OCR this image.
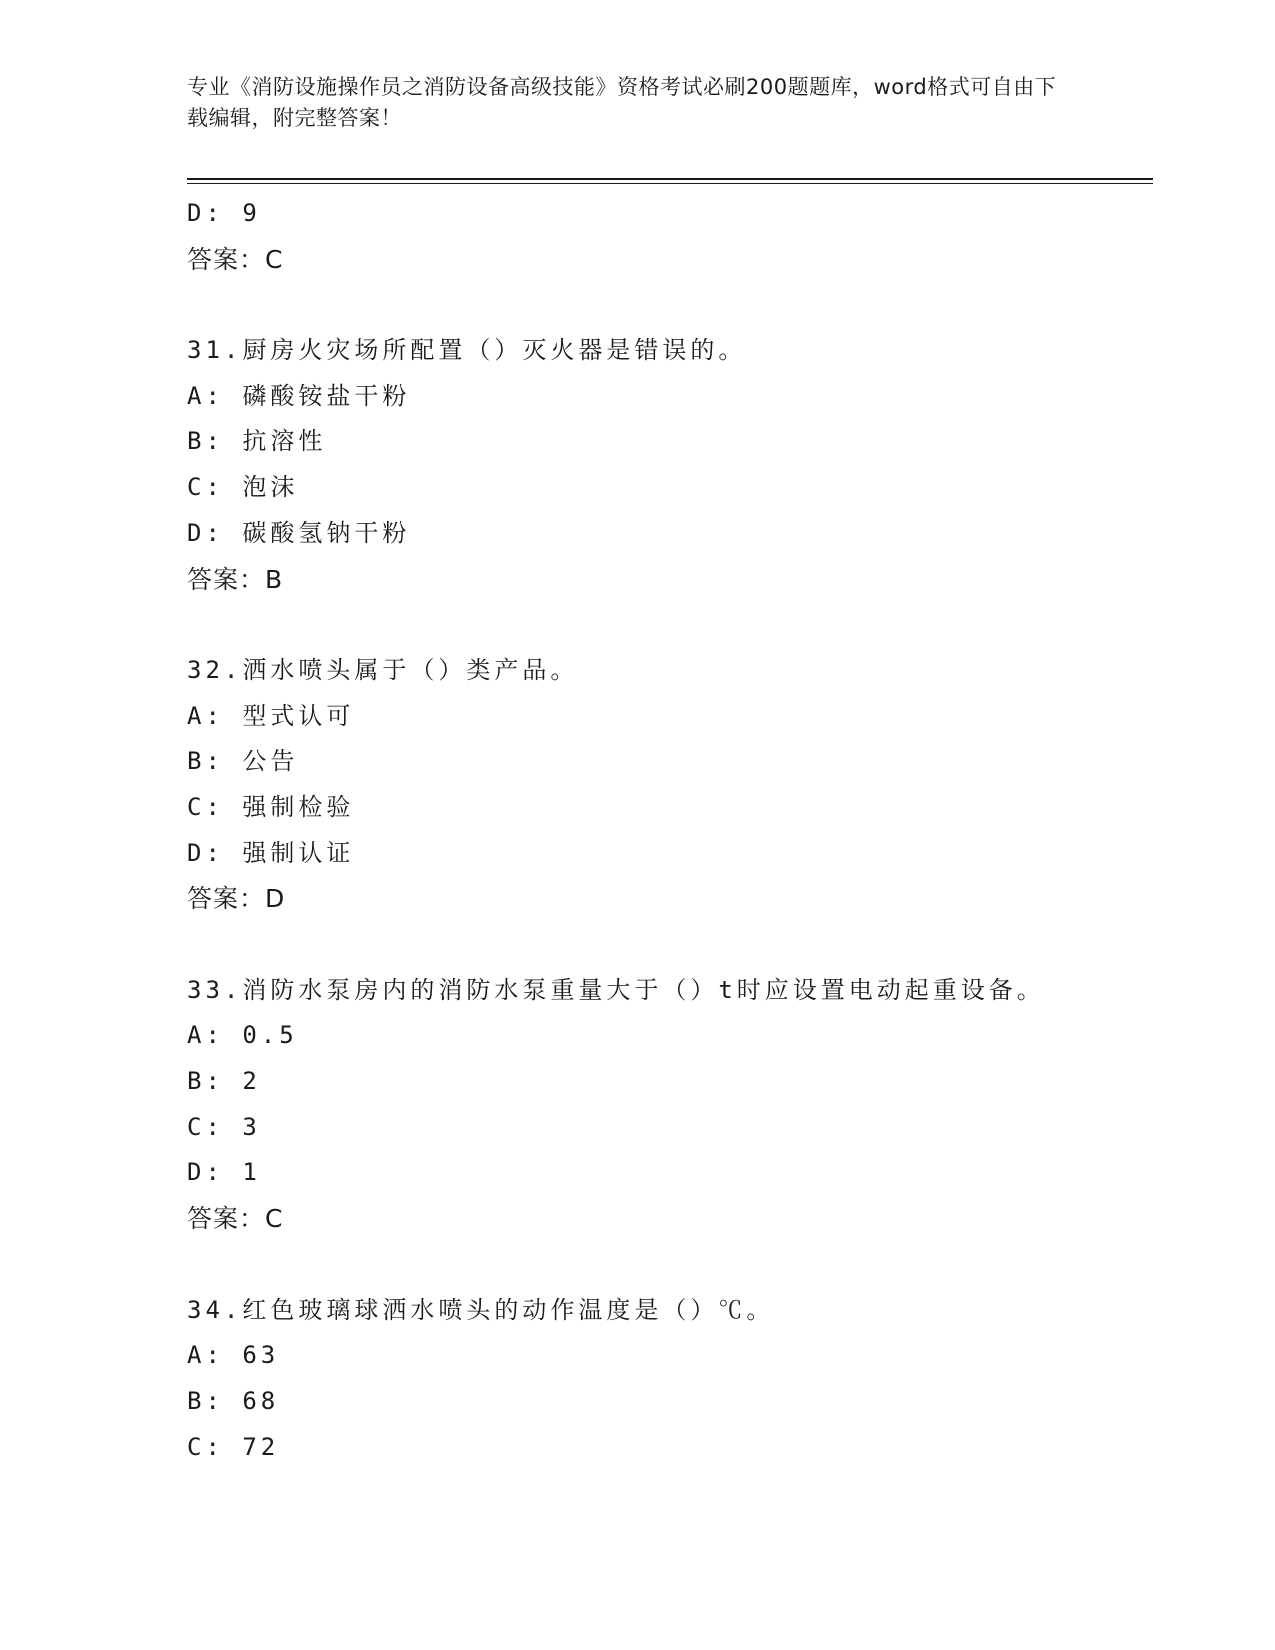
专业《消防设施操作员之消防设备高级技能》资格考试必刷200题题库，word格式可自由下载编辑，附完整答案！
D: 9
答案：C
31.厨房火灾场所配置（）灭火器是错误的。
A: 磷酸铵盐干粉
B: 抗溶性
C: 泡沫
D: 碳酸氢钠干粉
答案：B
32.洒水喷头属于（）类产品。
A: 型式认可
B: 公告
C: 强制检验
D: 强制认证
答案：D
33.消防水泵房内的消防水泵重量大于（）t时应设置电动起重设备。
A: 0.5
B: 2
C: 3
D: 1
答案：C
34.红色玻璃球洒水喷头的动作温度是（）℃。
A: 63
B: 68
C: 72
